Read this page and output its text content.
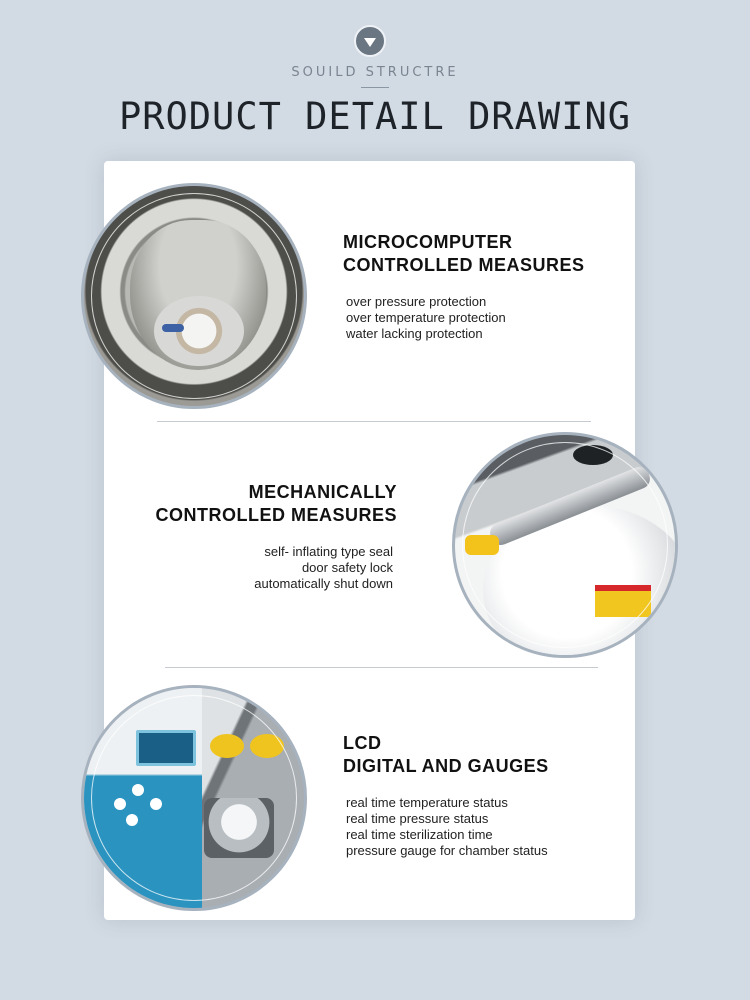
SOUILD STRUCTRE
PRODUCT DETAIL DRAWING
MICROCOMPUTER
CONTROLLED MEASURES
over pressure protection
over temperature protection
water lacking protection
MECHANICALLY
CONTROLLED MEASURES
self- inflating type seal
door safety lock
automatically shut down
LCD
DIGITAL AND GAUGES
real time temperature status
real time pressure status
real time sterilization time
pressure gauge for chamber status
